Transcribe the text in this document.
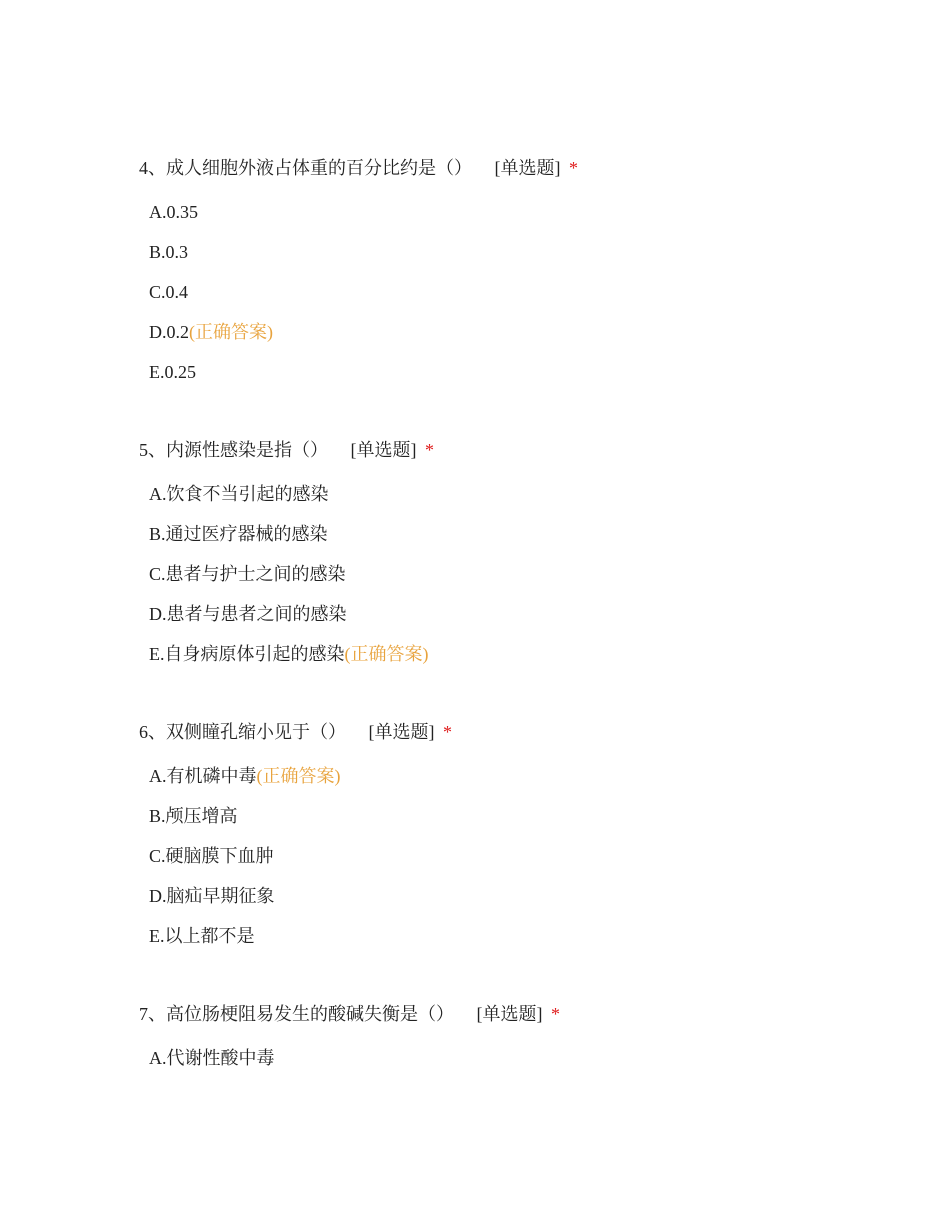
4、成人细胞外液占体重的百分比约是（） [单选题] *
A.0.35
B.0.3
C.0.4
D.0.2(正确答案)
E.0.25
5、内源性感染是指（） [单选题] *
A.饮食不当引起的感染
B.通过医疗器械的感染
C.患者与护士之间的感染
D.患者与患者之间的感染
E.自身病原体引起的感染(正确答案)
6、双侧瞳孔缩小见于（） [单选题] *
A.有机磷中毒(正确答案)
B.颅压增高
C.硬脑膜下血肿
D.脑疝早期征象
E.以上都不是
7、高位肠梗阻易发生的酸碱失衡是（） [单选题] *
A.代谢性酸中毒
